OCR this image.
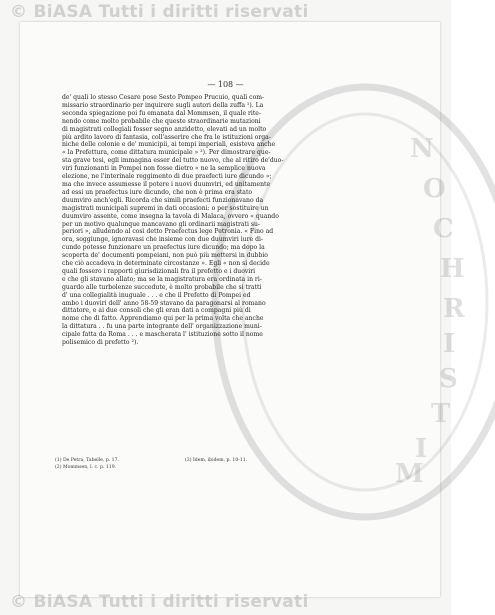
© BiASA Tutti i diritti riservati
N
O
C
H
R
I
S
T
I
M
— 108 —
de' quali lo stesso Cesare pose Sesto Pompeo Prucuio, quali com-
missario straordinario per inquirere sugli autori della zuffa ¹). La
seconda spiegazione poi fu emanata dal Mommsen, il quale rite-
nendo come molto probabile che queste straordinarie mutazioni
di magistrati collegiali fosser segno anzidetto, elevati ad un molto
più ardito lavoro di fantasia, coll'asserire che fra le istituzioni orga-
niche delle colonie e de' municipii, ai tempi imperiali, esisteva anche
« la Prefettura, come dittatura municipale » ²). Per dimostrare que-
sta grave tesi, egli immagina esser del tutto nuovo, che al ritiro de'duo-
viri funzionanti in Pompei non fosse dietro « ne la semplice nuova
elezione, ne l'interinale reggimento di due praefecti iure dicundo »;
ma che invece assumesse il potere i nuovi duumviri, ed unitamente
ad essi un praefectus iure dicundo, che non è prima era stato
duumviro anch'egli. Ricorda che simili praefecti funzionavano da
magistrati municipali supremi in dati occasioni: o per sostituire un
duumviro assente, come insegna la tavola di Malaca, ovvero « quando
per un motivo qualunque mancavano gli ordinarii magistrati su-
periori », alludendo al così detto Praefectus lege Petronia. « Fino ad
ora, soggiunge, ignoravasi che insieme con due duumviri iure di-
cundo potesse funzionare un praefectus iure dicundo; ma dopo la
scoperta de' documenti pompeiani, non può più mettersi in dubbio
che ciò accadeva in determinate circostanze ». Egli « non si decide
quali fossero i rapporti giurisdizionali fra il prefetto e i duoviri
e che gli stavano allato; ma se la magistratura era ordinata in ri-
guardo alle turbolenze succedute, è molto probabile che si tratti
d' una collegialità inuguale . . . e che il Prefetto di Pompei ed
ambo i duoviri dell' anno 58-59 stavano da paragonarsi al romano
dittatore, e ai due consoli che gli eran dati a compagni più di
nome che di fatto. Apprendiamo qui per la prima volta che anche
la dittatura . . fu una parte integrante dell' organizzazione muni-
cipale fatta da Roma . . . e mascherata l' istituzione sotto il nome
polisemico di prefetto ²).
(1) De Petra, Tabelle, p. 17.
(2) Mommsen, l. c. p. 119.
(3) Idem, ibidem, p. 10-11.
© BiASA Tutti i diritti riservati
